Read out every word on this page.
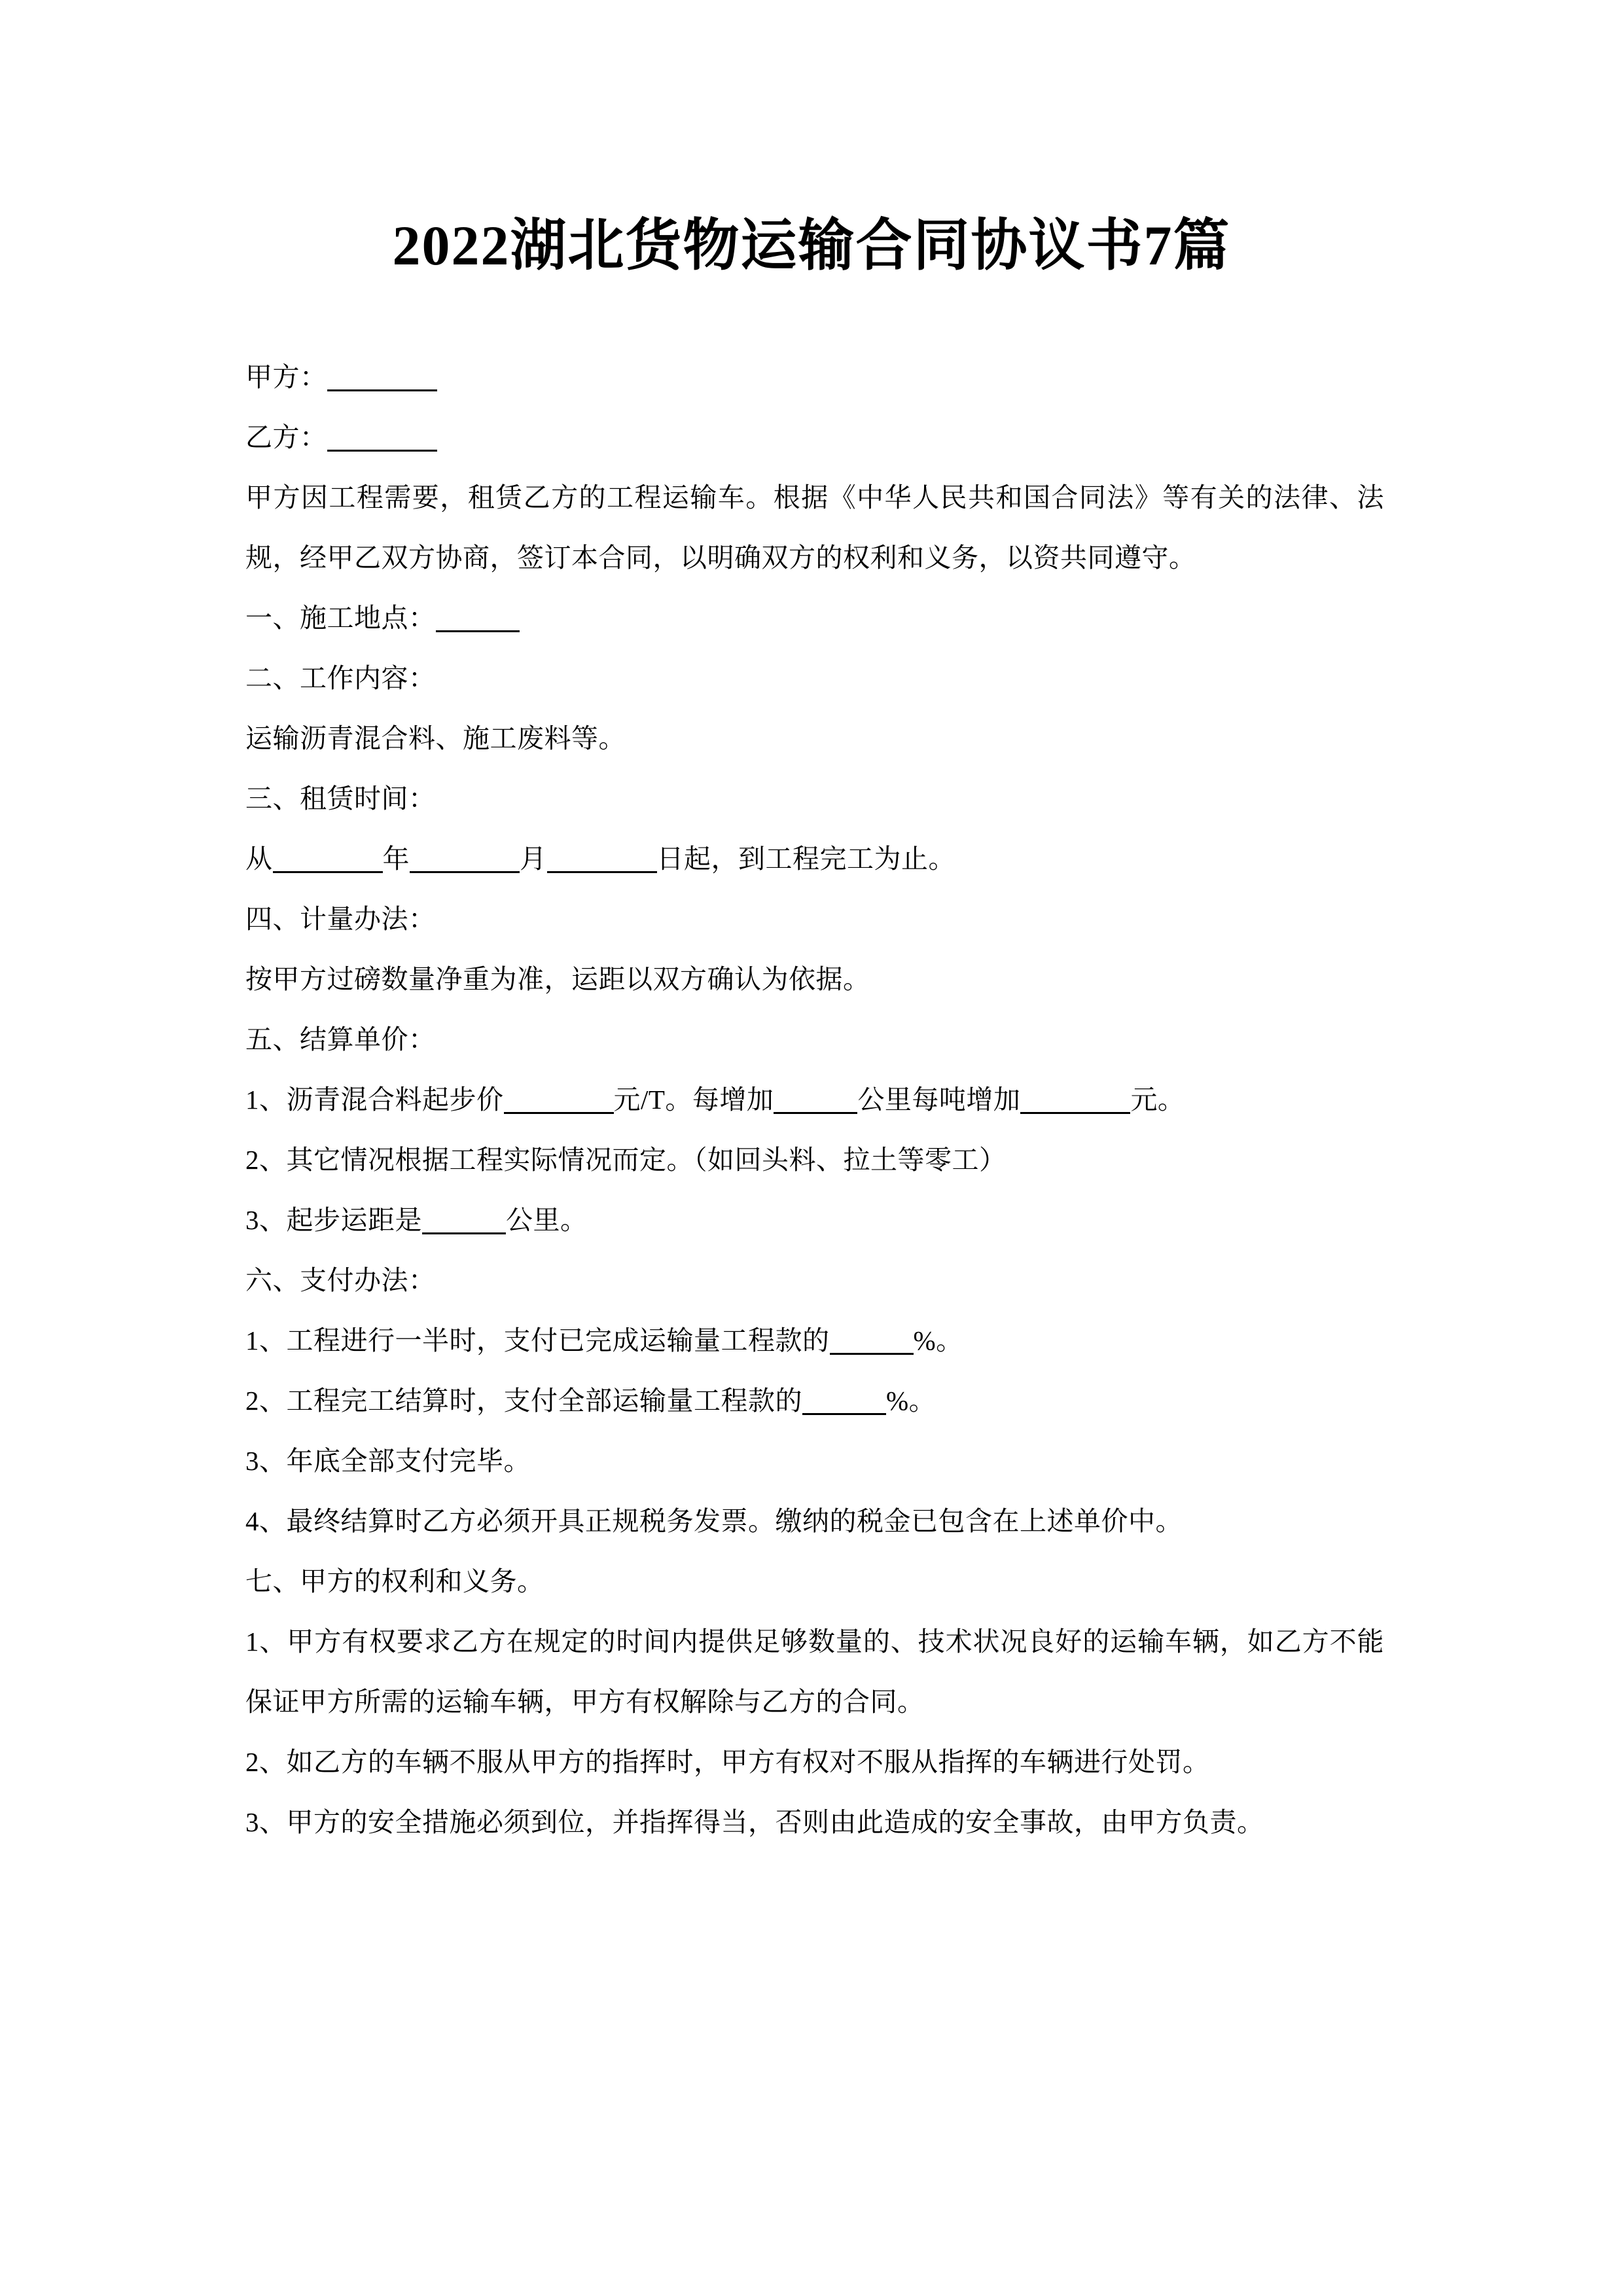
2022湖北货物运输合同协议书7篇
甲方：
乙方：
甲方因工程需要，租赁乙方的工程运输车。根据《中华人民共和国合同法》等有关的法律、法规，经甲乙双方协商，签订本合同，以明确双方的权利和义务，以资共同遵守。
一、施工地点：
二、工作内容：
运输沥青混合料、施工废料等。
三、租赁时间：
从	年	月	日起，到工程完工为止。
四、计量办法：
按甲方过磅数量净重为准，运距以双方确认为依据。
五、结算单价：
1、沥青混合料起步价	元/T。每增加	公里每吨增加	元。
2、其它情况根据工程实际情况而定。（如回头料、拉土等零工）
3、起步运距是	公里。
六、支付办法：
1、工程进行一半时，支付已完成运输量工程款的	%。
2、工程完工结算时，支付全部运输量工程款的	%。
3、年底全部支付完毕。
4、最终结算时乙方必须开具正规税务发票。缴纳的税金已包含在上述单价中。
七、甲方的权利和义务。
1、甲方有权要求乙方在规定的时间内提供足够数量的、技术状况良好的运输车辆，如乙方不能保证甲方所需的运输车辆，甲方有权解除与乙方的合同。
2、如乙方的车辆不服从甲方的指挥时，甲方有权对不服从指挥的车辆进行处罚。
3、甲方的安全措施必须到位，并指挥得当，否则由此造成的安全事故，由甲方负责。
